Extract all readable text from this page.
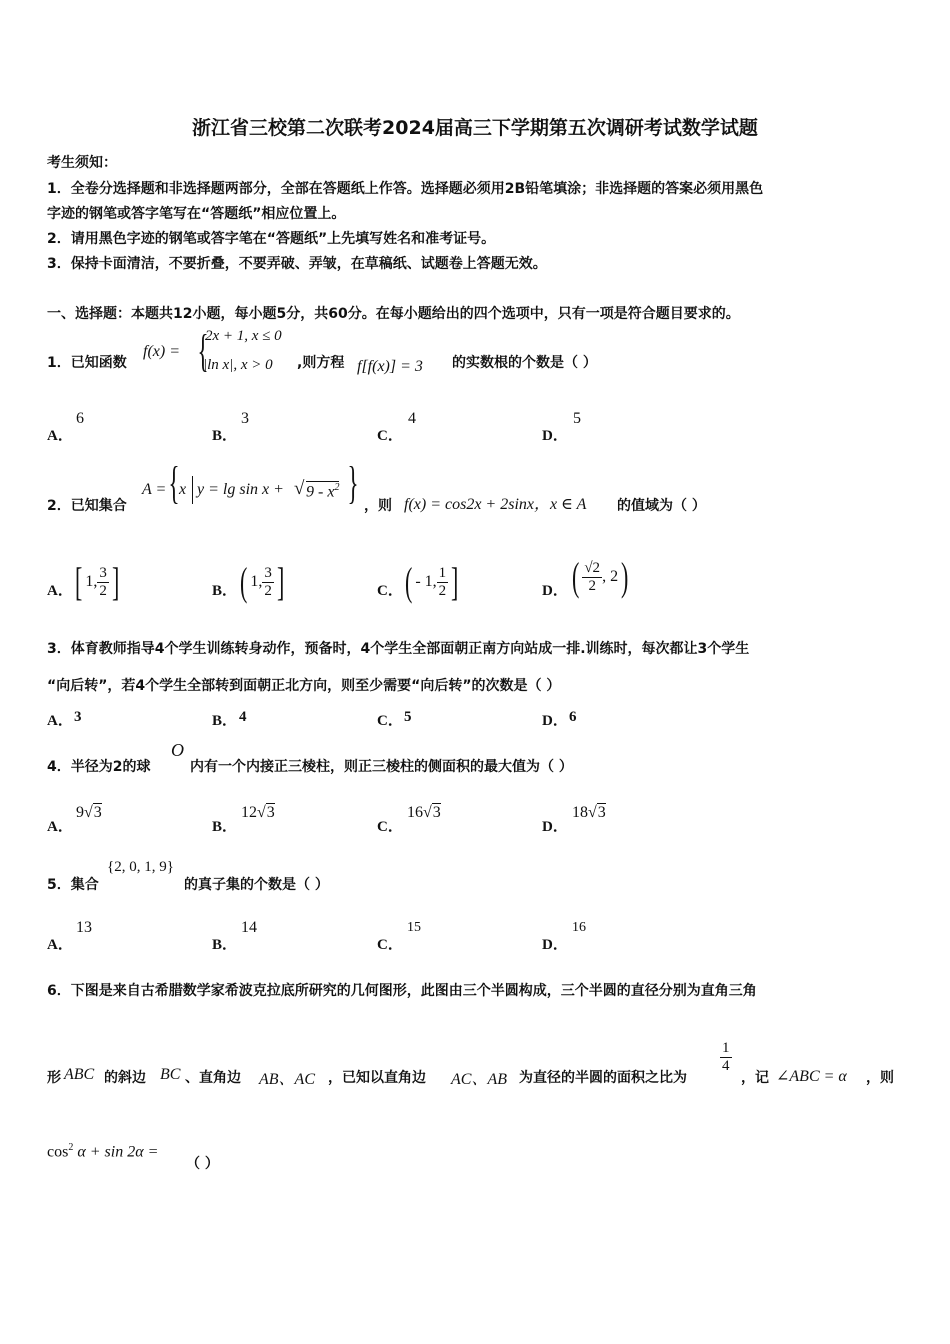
浙江省三校第二次联考2024届高三下学期第五次调研考试数学试题
考生须知：
1．全卷分选择题和非选择题两部分，全部在答题纸上作答。选择题必须用2B铅笔填涂；非选择题的答案必须用黑色
字迹的钢笔或答字笔写在“答题纸”相应位置上。
2．请用黑色字迹的钢笔或答字笔在“答题纸”上先填写姓名和准考证号。
3．保持卡面清洁，不要折叠，不要弄破、弄皱，在草稿纸、试题卷上答题无效。
一、选择题：本题共12小题，每小题5分，共60分。在每小题给出的四个选项中，只有一项是符合题目要求的。
1．已知函数
f(x) = {
2x + 1, x ≤ 0
|ln x|, x > 0 ,则方程 f[f(x)] = 3 的实数根的个数是（ ）
A．
6
B．
3
C．
4
D．
5
2．已知集合
A = { x y = lg sin x + √ $9 - x^2$ } ，则 f(x) = cos2x + 2sinx，x ∈ A 的值域为（ ）
A． [ 1, $\frac{3}{2}$ ]	B． ( 1, $\frac{3}{2}$ ]	C． ( - 1, $\frac{1}{2}$ ]	D． ( $\frac{√2}{2}$ , 2)
3．体育教师指导4个学生训练转身动作，预备时，4个学生全部面朝正南方向站成一排.训练时，每次都让3个学生
“向后转”，若4个学生全部转到面朝正北方向，则至少需要“向后转”的次数是（ ）
A． 3	B． 4	C． 5	D． 6
4．半径为2的球
O
内有一个内接正三棱柱，则正三棱柱的侧面积的最大值为（ ）
A．
9√3
B．
12√3
C．
16√3
D．
18√3
5．集合
{2, 0, 1, 9}
的真子集的个数是（ ）
A．
13
B．
14
C．
15
D．
16
6．下图是来自古希腊数学家希波克拉底所研究的几何图形，此图由三个半圆构成，三个半圆的直径分别为直角三角
形 ABC 的斜边 BC 、直角边 AB、AC ，已知以直角边 AC、AB 为直径的半圆的面积之比为
$\frac{1}{4}$
，记 ∠ABC = α ，则
$\cos^2 \alpha + \sin 2\alpha$ =
（ ）
